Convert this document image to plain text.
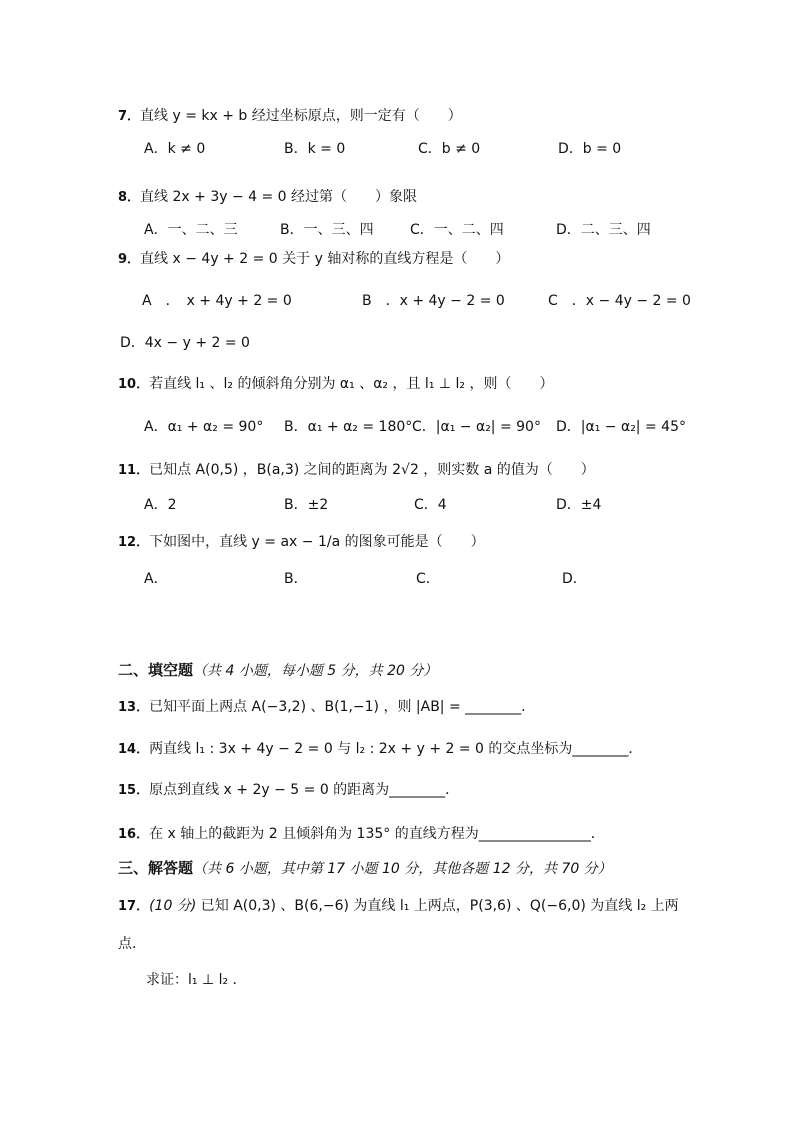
7．直线 y = kx + b 经过坐标原点，则一定有（　　）
A．k ≠ 0	B．k = 0	C．b ≠ 0	D．b = 0
8．直线 2x + 3y − 4 = 0 经过第（　　）象限
A．一、二、三	B．一、三、四	C．一、二、四	D．二、三、四
9．直线 x − 4y + 2 = 0 关于 y 轴对称的直线方程是（　　）
A　．　x + 4y + 2 = 0	B　．x + 4y − 2 = 0	C　．x − 4y − 2 = 0
D．4x − y + 2 = 0
10．若直线 l₁ 、l₂ 的倾斜角分别为 α₁ 、α₂ ，且 l₁ ⊥ l₂ ，则（　　）
A．α₁ + α₂ = 90° B．α₁ + α₂ = 180° C．|α₁ − α₂| = 90° D．|α₁ − α₂| = 45°
11．已知点 A(0,5) ，B(a,3) 之间的距离为 2√2 ，则实数 a 的值为（　　）
A．2	B．±2	C．4	D．±4
12．下如图中，直线 y = ax − 1/a 的图象可能是（　　）
A．	B．	C．	D．
二、填空题（共 4 小题，每小题 5 分，共 20 分）
13．已知平面上两点 A(−3,2) 、B(1,−1) ，则 |AB| = ________．
14．两直线 l₁ : 3x + 4y − 2 = 0 与 l₂ : 2x + y + 2 = 0 的交点坐标为________．
15．原点到直线 x + 2y − 5 = 0 的距离为________．
16．在 x 轴上的截距为 2 且倾斜角为 135° 的直线方程为________________．
三、解答题（共 6 小题，其中第 17 小题 10 分，其他各题 12 分，共 70 分）
17．(10 分) 已知 A(0,3) 、B(6,−6) 为直线 l₁ 上两点，P(3,6) 、Q(−6,0) 为直线 l₂ 上两
点．
求证：l₁ ⊥ l₂ ．
